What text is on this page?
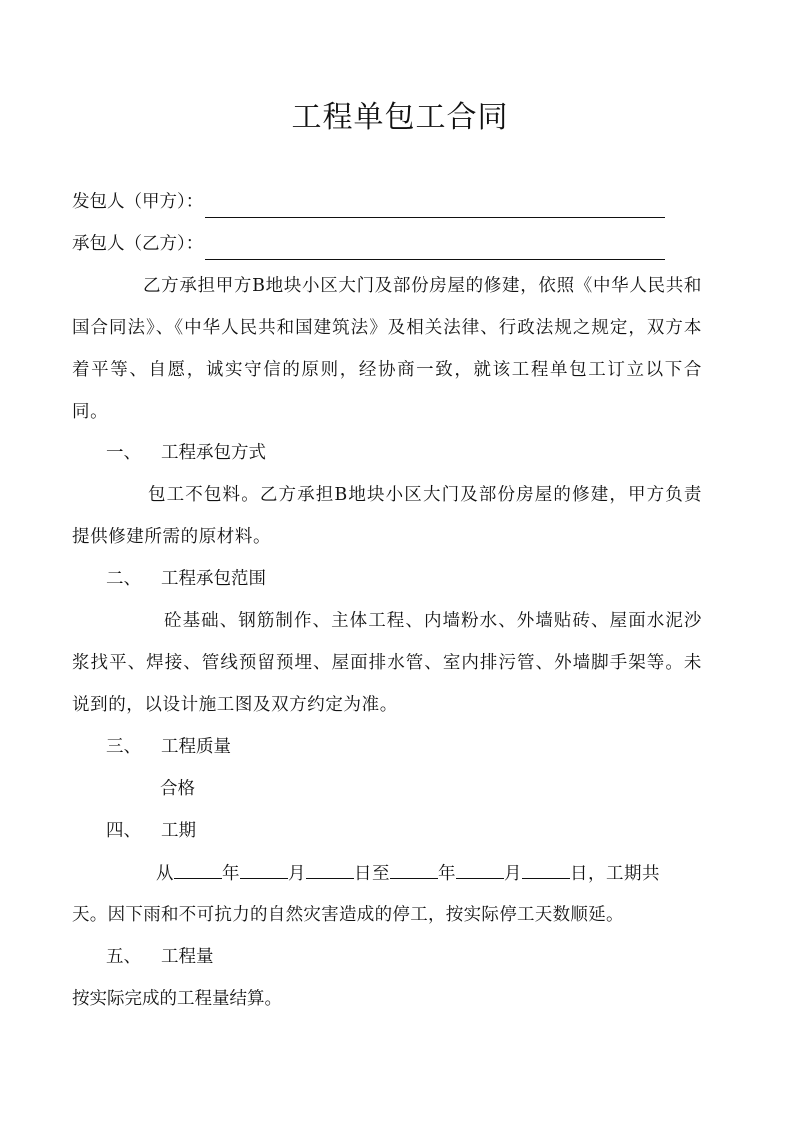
工程单包工合同
发包人（甲方）：
承包人（乙方）：
乙方承担甲方B地块小区大门及部份房屋的修建，依照《中华人民共和国合同法》、《中华人民共和国建筑法》及相关法律、行政法规之规定，双方本着平等、自愿，诚实守信的原则，经协商一致，就该工程单包工订立以下合同。
一、 工程承包方式
包工不包料。乙方承担B地块小区大门及部份房屋的修建，甲方负责提供修建所需的原材料。
二、 工程承包范围
砼基础、钢筋制作、主体工程、内墙粉水、外墙贴砖、屋面水泥沙浆找平、焊接、管线预留预埋、屋面排水管、室内排污管、外墙脚手架等。未说到的，以设计施工图及双方约定为准。
三、 工程质量
合格
四、 工期
从	年	月	日至	年	月	日，工期共
天。因下雨和不可抗力的自然灾害造成的停工，按实际停工天数顺延。
五、 工程量
按实际完成的工程量结算。
